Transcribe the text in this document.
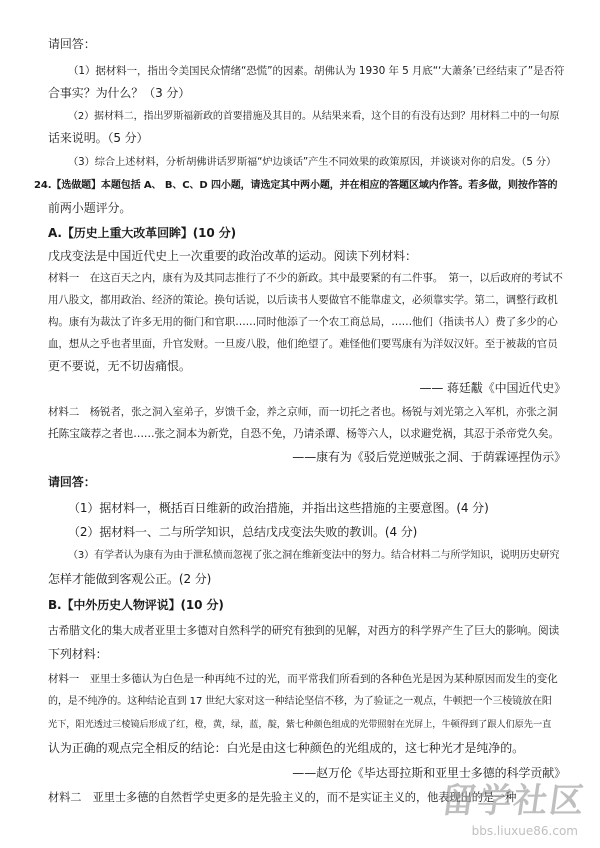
请回答：
（1）据材料一，指出令美国民众情绪“恐慌”的因素。胡佛认为 1930 年 5 月底“‘大萧条’已经结束了”是否符
合事实？为什么？（3 分）
（2）据材料二，指出罗斯福新政的首要措施及其目的。从结果来看，这个目的有没有达到？用材料二中的一句原
话来说明。（5 分）
（3）综合上述材料，分析胡佛讲话罗斯福“炉边谈话”产生不同效果的政策原因，并谈谈对你的启发。（5 分）
24.【选做题】本题包括 A、 B、C、D 四小题，请选定其中两小题，并在相应的答题区域内作答。若多做，则按作答的
前两小题评分。
A.【历史上重大改革回眸】(10 分)
戊戌变法是中国近代史上一次重要的政治改革的运动。阅读下列材料：
材料一　在这百天之内，康有为及其同志推行了不少的新政。其中最要紧的有二件事。　第一，以后政府的考试不
用八股文，都用政治、经济的策论。换句话说，以后读书人要做官不能靠虚文，必须靠实学。第二，调整行政机
构。康有为裁汰了许多无用的衙门和官职……同时他添了一个农工商总局，……他们（指读书人）费了多少的心
血，想从之乎也者里面，升官发财。一旦废八股，他们绝望了。难怪他们要骂康有为洋奴汉奸。至于被裁的官员
更不要说，无不切齿痛恨。
—— 蒋廷黻《中国近代史》
材料二　杨锐者，张之洞入室弟子，岁馈千金，养之京师，而一切托之者也。杨锐与刘光第之入军机，亦张之洞
托陈宝箴荐之者也……张之洞本为新党，自恐不免，乃请杀谭、杨等六人，以求避党祸，其忍于杀帝党久矣。
——康有为《驳后党逆贼张之洞、于荫霖诬捏伪示》
请回答：
（1）据材料一，概括百日维新的政治措施，并指出这些措施的主要意图。(4 分)
（2）据材料一、二与所学知识，总结戊戌变法失败的教训。(4 分)
（3）有学者认为康有为由于泄私愤而忽视了张之洞在维新变法中的努力。结合材料二与所学知识，说明历史研究
怎样才能做到客观公正。(2 分)
B.【中外历史人物评说】(10 分)
古希腊文化的集大成者亚里士多德对自然科学的研究有独到的见解，对西方的科学界产生了巨大的影响。阅读
下列材料：
材料一　亚里士多德认为白色是一种再纯不过的光，而平常我们所看到的各种色光是因为某种原因而发生的变化
的，是不纯净的。这种结论直到 17 世纪大家对这一种结论坚信不移，为了验证之一观点，牛顿把一个三棱镜放在阳
光下，阳光透过三棱镜后形成了红，橙，黄，绿，蓝，靛，紫七种颜色组成的光带照射在光屏上，牛顿得到了跟人们原先一直
认为正确的观点完全相反的结论：白光是由这七种颜色的光组成的，这七种光才是纯净的。
——赵万伦《毕达哥拉斯和亚里士多德的科学贡献》
材料二　亚里士多德的自然哲学史更多的是先验主义的，而不是实证主义的，他表现出的是一种
留学社区
bbs.liuxue86.com
